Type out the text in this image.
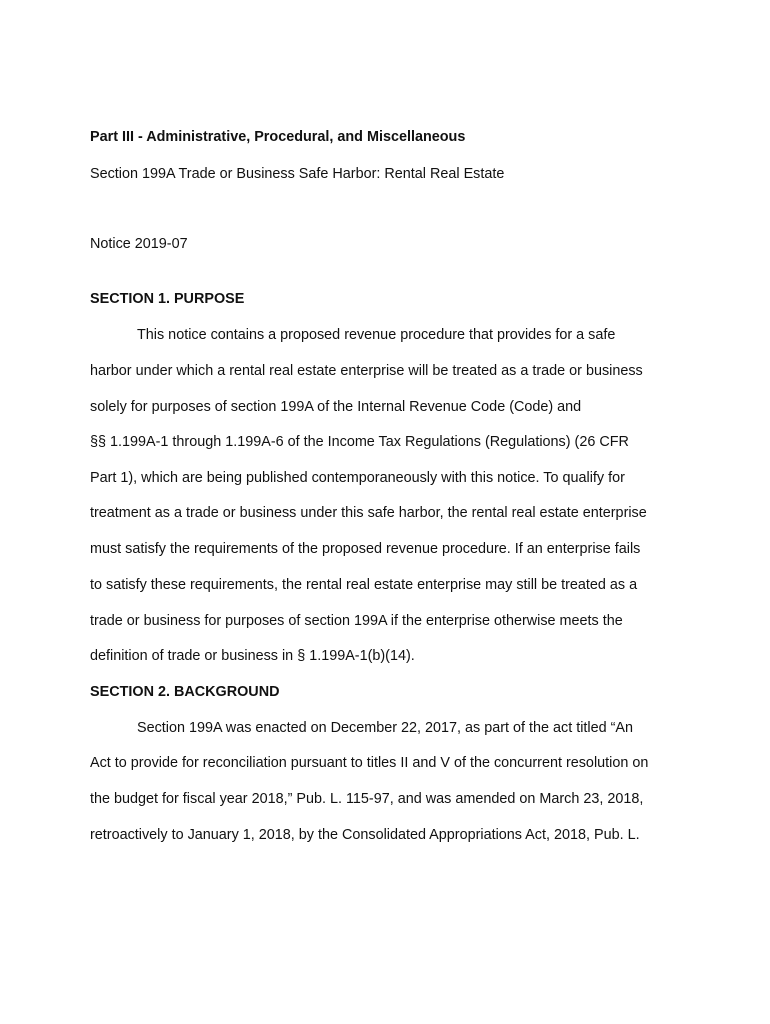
Part III - Administrative, Procedural, and Miscellaneous
Section 199A Trade or Business Safe Harbor: Rental Real Estate
Notice 2019-07
SECTION 1. PURPOSE
This notice contains a proposed revenue procedure that provides for a safe
harbor under which a rental real estate enterprise will be treated as a trade or business
solely for purposes of section 199A of the Internal Revenue Code (Code) and
§§ 1.199A-1 through 1.199A-6 of the Income Tax Regulations (Regulations) (26 CFR
Part 1), which are being published contemporaneously with this notice. To qualify for
treatment as a trade or business under this safe harbor, the rental real estate enterprise
must satisfy the requirements of the proposed revenue procedure. If an enterprise fails
to satisfy these requirements, the rental real estate enterprise may still be treated as a
trade or business for purposes of section 199A if the enterprise otherwise meets the
definition of trade or business in § 1.199A-1(b)(14).
SECTION 2. BACKGROUND
Section 199A was enacted on December 22, 2017, as part of the act titled “An
Act to provide for reconciliation pursuant to titles II and V of the concurrent resolution on
the budget for fiscal year 2018,” Pub. L. 115-97, and was amended on March 23, 2018,
retroactively to January 1, 2018, by the Consolidated Appropriations Act, 2018, Pub. L.
